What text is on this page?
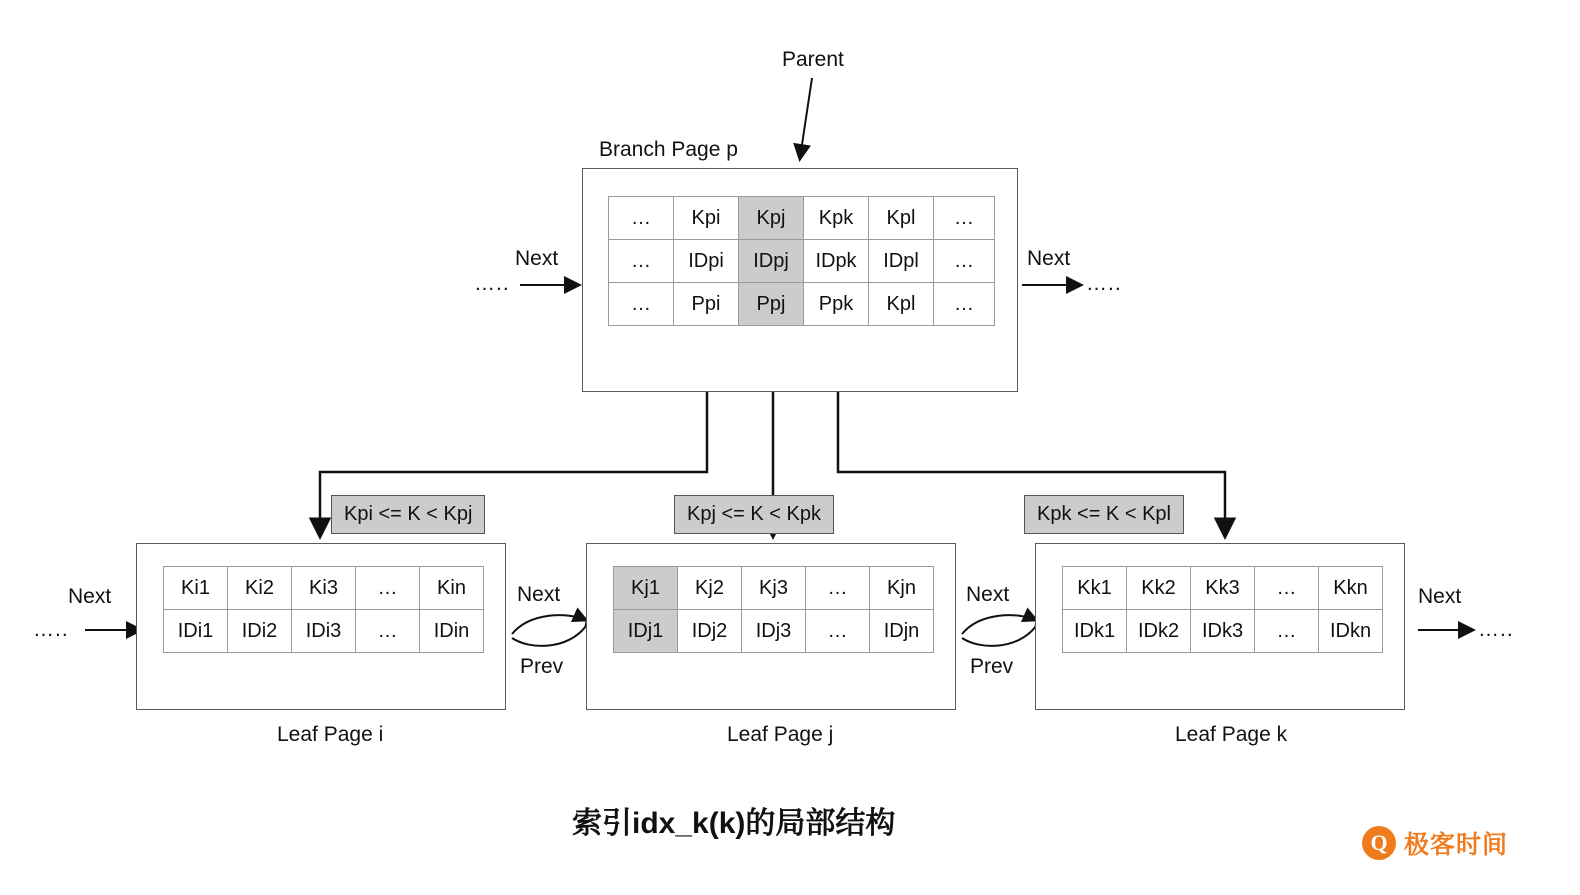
Parent
Branch Page p
…	Kpi	Kpj	Kpk	Kpl	…
…	IDpi	IDpj	IDpk	IDpl	…
…	Ppi	Ppj	Ppk	Kpl	…
Next
…..
Next
…..
Kpi <= K < Kpj	Kpj <= K < Kpk	Kpk <= K < Kpl
Ki1	Ki2	Ki3	…	Kin
IDi1	IDi2	IDi3	…	IDin
Leaf Page i
Kj1	Kj2	Kj3	…	Kjn
IDj1	IDj2	IDj3	…	IDjn
Leaf Page j
Kk1	Kk2	Kk3	…	Kkn
IDk1	IDk2	IDk3	…	IDkn
Leaf Page k
Next
Prev
Next
Prev
Next
…..
Next
…..
索引idx_k(k)的局部结构
Q 极客时间
